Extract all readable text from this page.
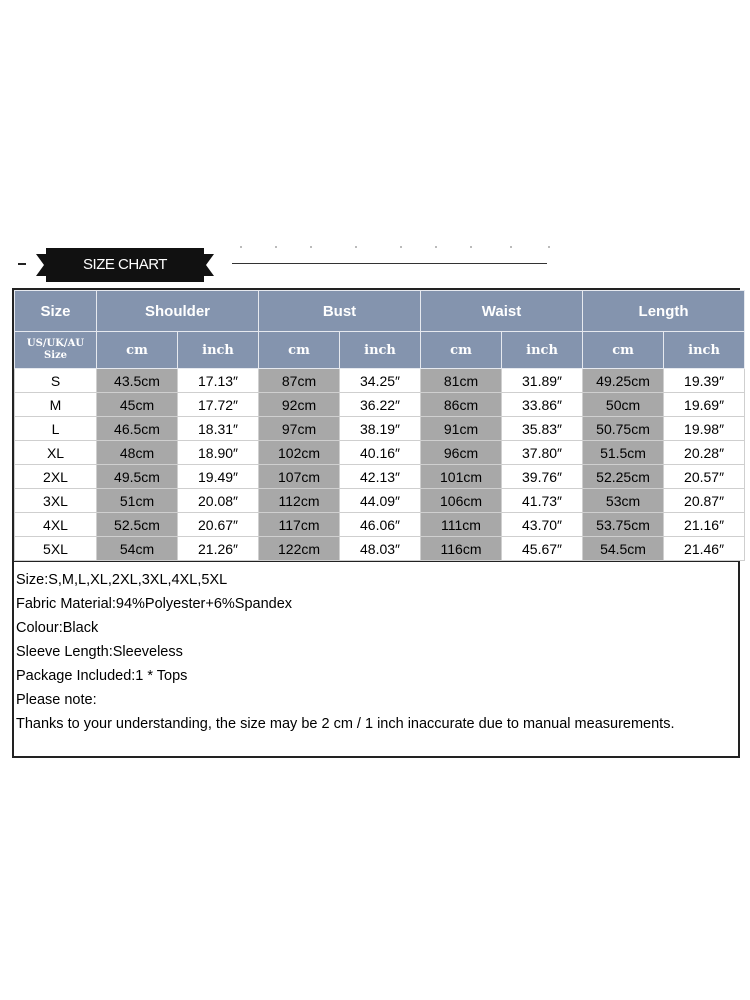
SIZE CHART
Size	Shoulder		Bust		Waist		Length	
US/UK/AU Size	cm	inch	cm	inch	cm	inch	cm	inch
S	43.5cm	17.13″	87cm	34.25″	81cm	31.89″	49.25cm	19.39″
M	45cm	17.72″	92cm	36.22″	86cm	33.86″	50cm	19.69″
L	46.5cm	18.31″	97cm	38.19″	91cm	35.83″	50.75cm	19.98″
XL	48cm	18.90″	102cm	40.16″	96cm	37.80″	51.5cm	20.28″
2XL	49.5cm	19.49″	107cm	42.13″	101cm	39.76″	52.25cm	20.57″
3XL	51cm	20.08″	112cm	44.09″	106cm	41.73″	53cm	20.87″
4XL	52.5cm	20.67″	117cm	46.06″	111cm	43.70″	53.75cm	21.16″
5XL	54cm	21.26″	122cm	48.03″	116cm	45.67″	54.5cm	21.46″
Size:S,M,L,XL,2XL,3XL,4XL,5XL
Fabric Material:94%Polyester+6%Spandex
Colour:Black
Sleeve Length:Sleeveless
Package Included:1 * Tops
Please note:
Thanks to your understanding, the size may be 2 cm / 1 inch inaccurate due to manual measurements.
